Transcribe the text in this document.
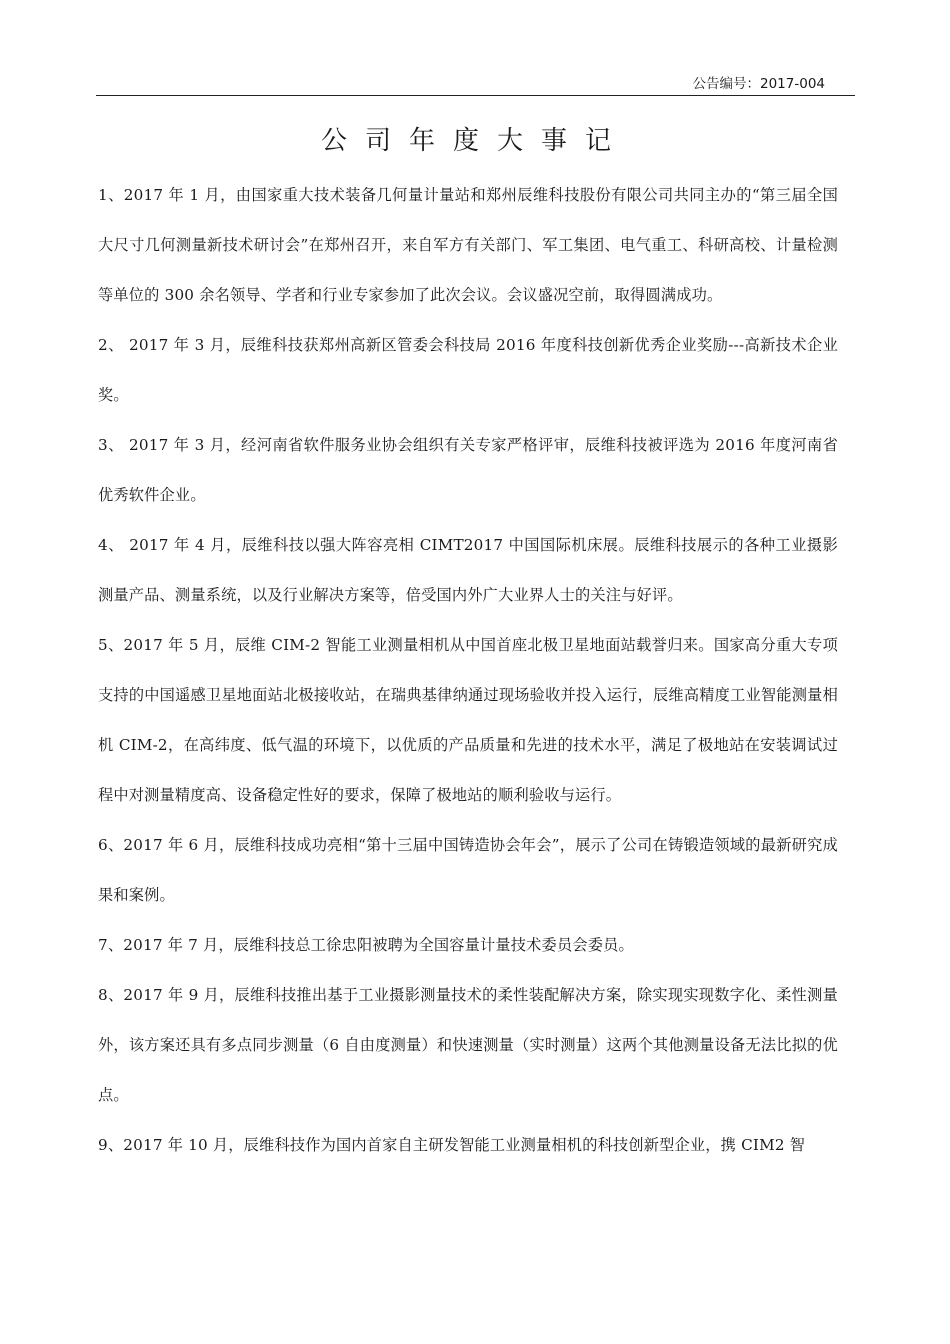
公告编号：2017-004
公司年度大事记

1、2017 年 1 月，由国家重大技术装备几何量计量站和郑州辰维科技股份有限公司共同主办的“第三届全国大尺寸几何测量新技术研讨会”在郑州召开，来自军方有关部门、军工集团、电气重工、科研高校、计量检测等单位的 300 余名领导、学者和行业专家参加了此次会议。会议盛况空前，取得圆满成功。

2、 2017 年 3 月，辰维科技获郑州高新区管委会科技局 2016 年度科技创新优秀企业奖励---高新技术企业奖。

3、 2017 年 3 月，经河南省软件服务业协会组织有关专家严格评审，辰维科技被评选为 2016 年度河南省优秀软件企业。

4、 2017 年 4 月，辰维科技以强大阵容亮相 CIMT2017 中国国际机床展。辰维科技展示的各种工业摄影测量产品、测量系统，以及行业解决方案等，倍受国内外广大业界人士的关注与好评。

5、2017 年 5 月，辰维 CIM-2 智能工业测量相机从中国首座北极卫星地面站载誉归来。国家高分重大专项支持的中国遥感卫星地面站北极接收站，在瑞典基律纳通过现场验收并投入运行，辰维高精度工业智能测量相机 CIM-2，在高纬度、低气温的环境下，以优质的产品质量和先进的技术水平，满足了极地站在安装调试过程中对测量精度高、设备稳定性好的要求，保障了极地站的顺利验收与运行。

6、2017 年 6 月，辰维科技成功亮相“第十三届中国铸造协会年会”，展示了公司在铸锻造领域的最新研究成果和案例。

7、2017 年 7 月，辰维科技总工徐忠阳被聘为全国容量计量技术委员会委员。

8、2017 年 9 月，辰维科技推出基于工业摄影测量技术的柔性装配解决方案，除实现实现数字化、柔性测量外，该方案还具有多点同步测量（6 自由度测量）和快速测量（实时测量）这两个其他测量设备无法比拟的优点。

9、2017 年 10 月，辰维科技作为国内首家自主研发智能工业测量相机的科技创新型企业，携 CIM2 智
